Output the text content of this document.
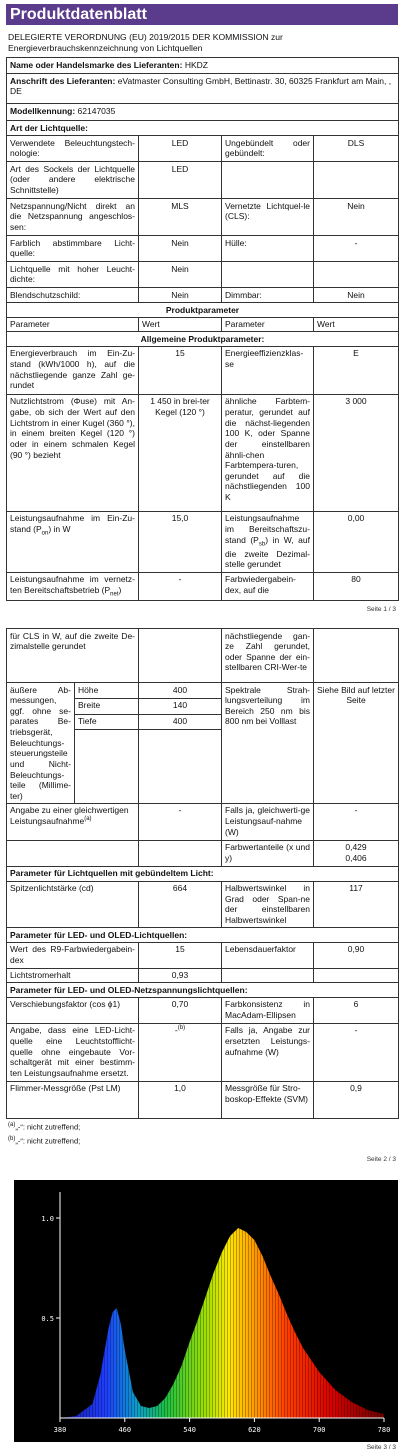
Produktdatenblatt
DELEGIERTE VERORDNUNG (EU) 2019/2015 DER KOMMISSION zur
Energieverbrauchskennzeichnung von Lichtquellen
Name oder Handelsmarke des Lieferanten: HKDZ			
Anschrift des Lieferanten: eVatmaster Consulting GmbH, Bettinastr. 30, 60325 Frankfurt am Main, , DE			
Modellkennung: 62147035			
Art der Lichtquelle:			
Verwendete Beleuchtungstech-nologie:	LED	Ungebündelt oder gebündelt:	DLS
Art des Sockels der Lichtquelle (oder andere elektrische Schnittstelle)	LED		
Netzspannung/Nicht direkt an die Netzspannung angeschlos-sen:	MLS	Vernetzte Lichtquel-le (CLS):	Nein
Farblich abstimmbare Licht-quelle:	Nein	Hülle:	-
Lichtquelle mit hoher Leucht-dichte:	Nein		
Blendschutzschild:	Nein	Dimmbar:	Nein
Produktparameter			
Parameter	Wert	Parameter	Wert
Allgemeine Produktparameter:			
Energieverbrauch im Ein-Zu-stand (kWh/1000 h), auf die nächstliegende ganze Zahl ge-rundet	15	Energieeffizienzklas-se	E
Nutzlichtstrom (Φuse) mit An-gabe, ob sich der Wert auf den Lichtstrom in einer Kugel (360 °), in einem breiten Kegel (120 °) oder in einem schmalen Kegel (90 °) bezieht	1 450 in brei-ter Kegel (120 °)	ähnliche Farbtem-peratur, gerundet auf die nächst-liegenden 100 K, oder Spanne der einstellbaren ähnli-chen Farbtempera-turen, gerundet auf die nächstliegenden 100 K	3 000
Leistungsaufnahme im Ein-Zu-stand $(P_{on})$ in W	15,0	Leistungsaufnahme im Bereitschaftszu-stand $(P_{sb})$ in W, auf die zweite Dezimal-stelle gerundet	0,00
Leistungsaufnahme im vernetz-ten Bereitschaftsbetrieb $(P_{net})$	-	Farbwiedergabein-dex, auf die	80
Seite 1 / 3
für CLS in W, auf die zweite De-zimalstelle gerundet			nächstliegende gan-ze Zahl gerundet, oder Spanne der ein-stellbaren CRI-Wer-te	
äußere Ab-messungen, ggf. ohne se-parates Be-triebsgerät, Beleuchtungs-steuerungsteile und Nicht-Beleuchtungs-teile (Millime-ter)	Höhe	400	Spektrale Strah-lungsverteilung im Bereich 250 nm bis 800 nm bei Volllast	Siehe Bild auf letzter Seite
	Breite	140		
	Tiefe	400		

Angabe zu einer gleichwertigen Leistungsaufnahme$^{(a)}$		-	Falls ja, gleichwerti-ge Leistungsauf-nahme (W)	-
			Farbwertanteile (x und y)	0,429
0,406

Parameter für Lichtquellen mit gebündeltem Licht:				
Spitzenlichtstärke (cd)		664	Halbwertswinkel in Grad oder Span-ne der einstellbaren Halbwertswinkel	117
Parameter für LED- und OLED-Lichtquellen:				
Wert des R9-Farbwiedergabein-dex		15	Lebensdauerfaktor	0,90
Lichtstromerhalt		0,93		
Parameter für LED- und OLED-Netzspannungslichtquellen:				
Verschiebungsfaktor (cos ϕ1)		0,70	Farbkonsistenz in MacAdam-Ellipsen	6
Angabe, dass eine LED-Licht-quelle eine Leuchtstofflicht-quelle ohne eingebaute Vor-schaltgerät mit einer bestimm-ten Leistungsaufnahme ersetzt.		-$^{(b)}$	Falls ja, Angabe zur ersetzten Leistungs-aufnahme (W)	-
Flimmer-Messgröße (Pst LM)		1,0	Messgröße für Stro-boskop-Effekte (SVM)	0,9
$^{(a)}$„-“: nicht zutreffend;
$^{(b)}$„-“: nicht zutreffend;
Seite 2 / 3
380	460	540	620	700	780
1.0
0.5
Seite 3 / 3
